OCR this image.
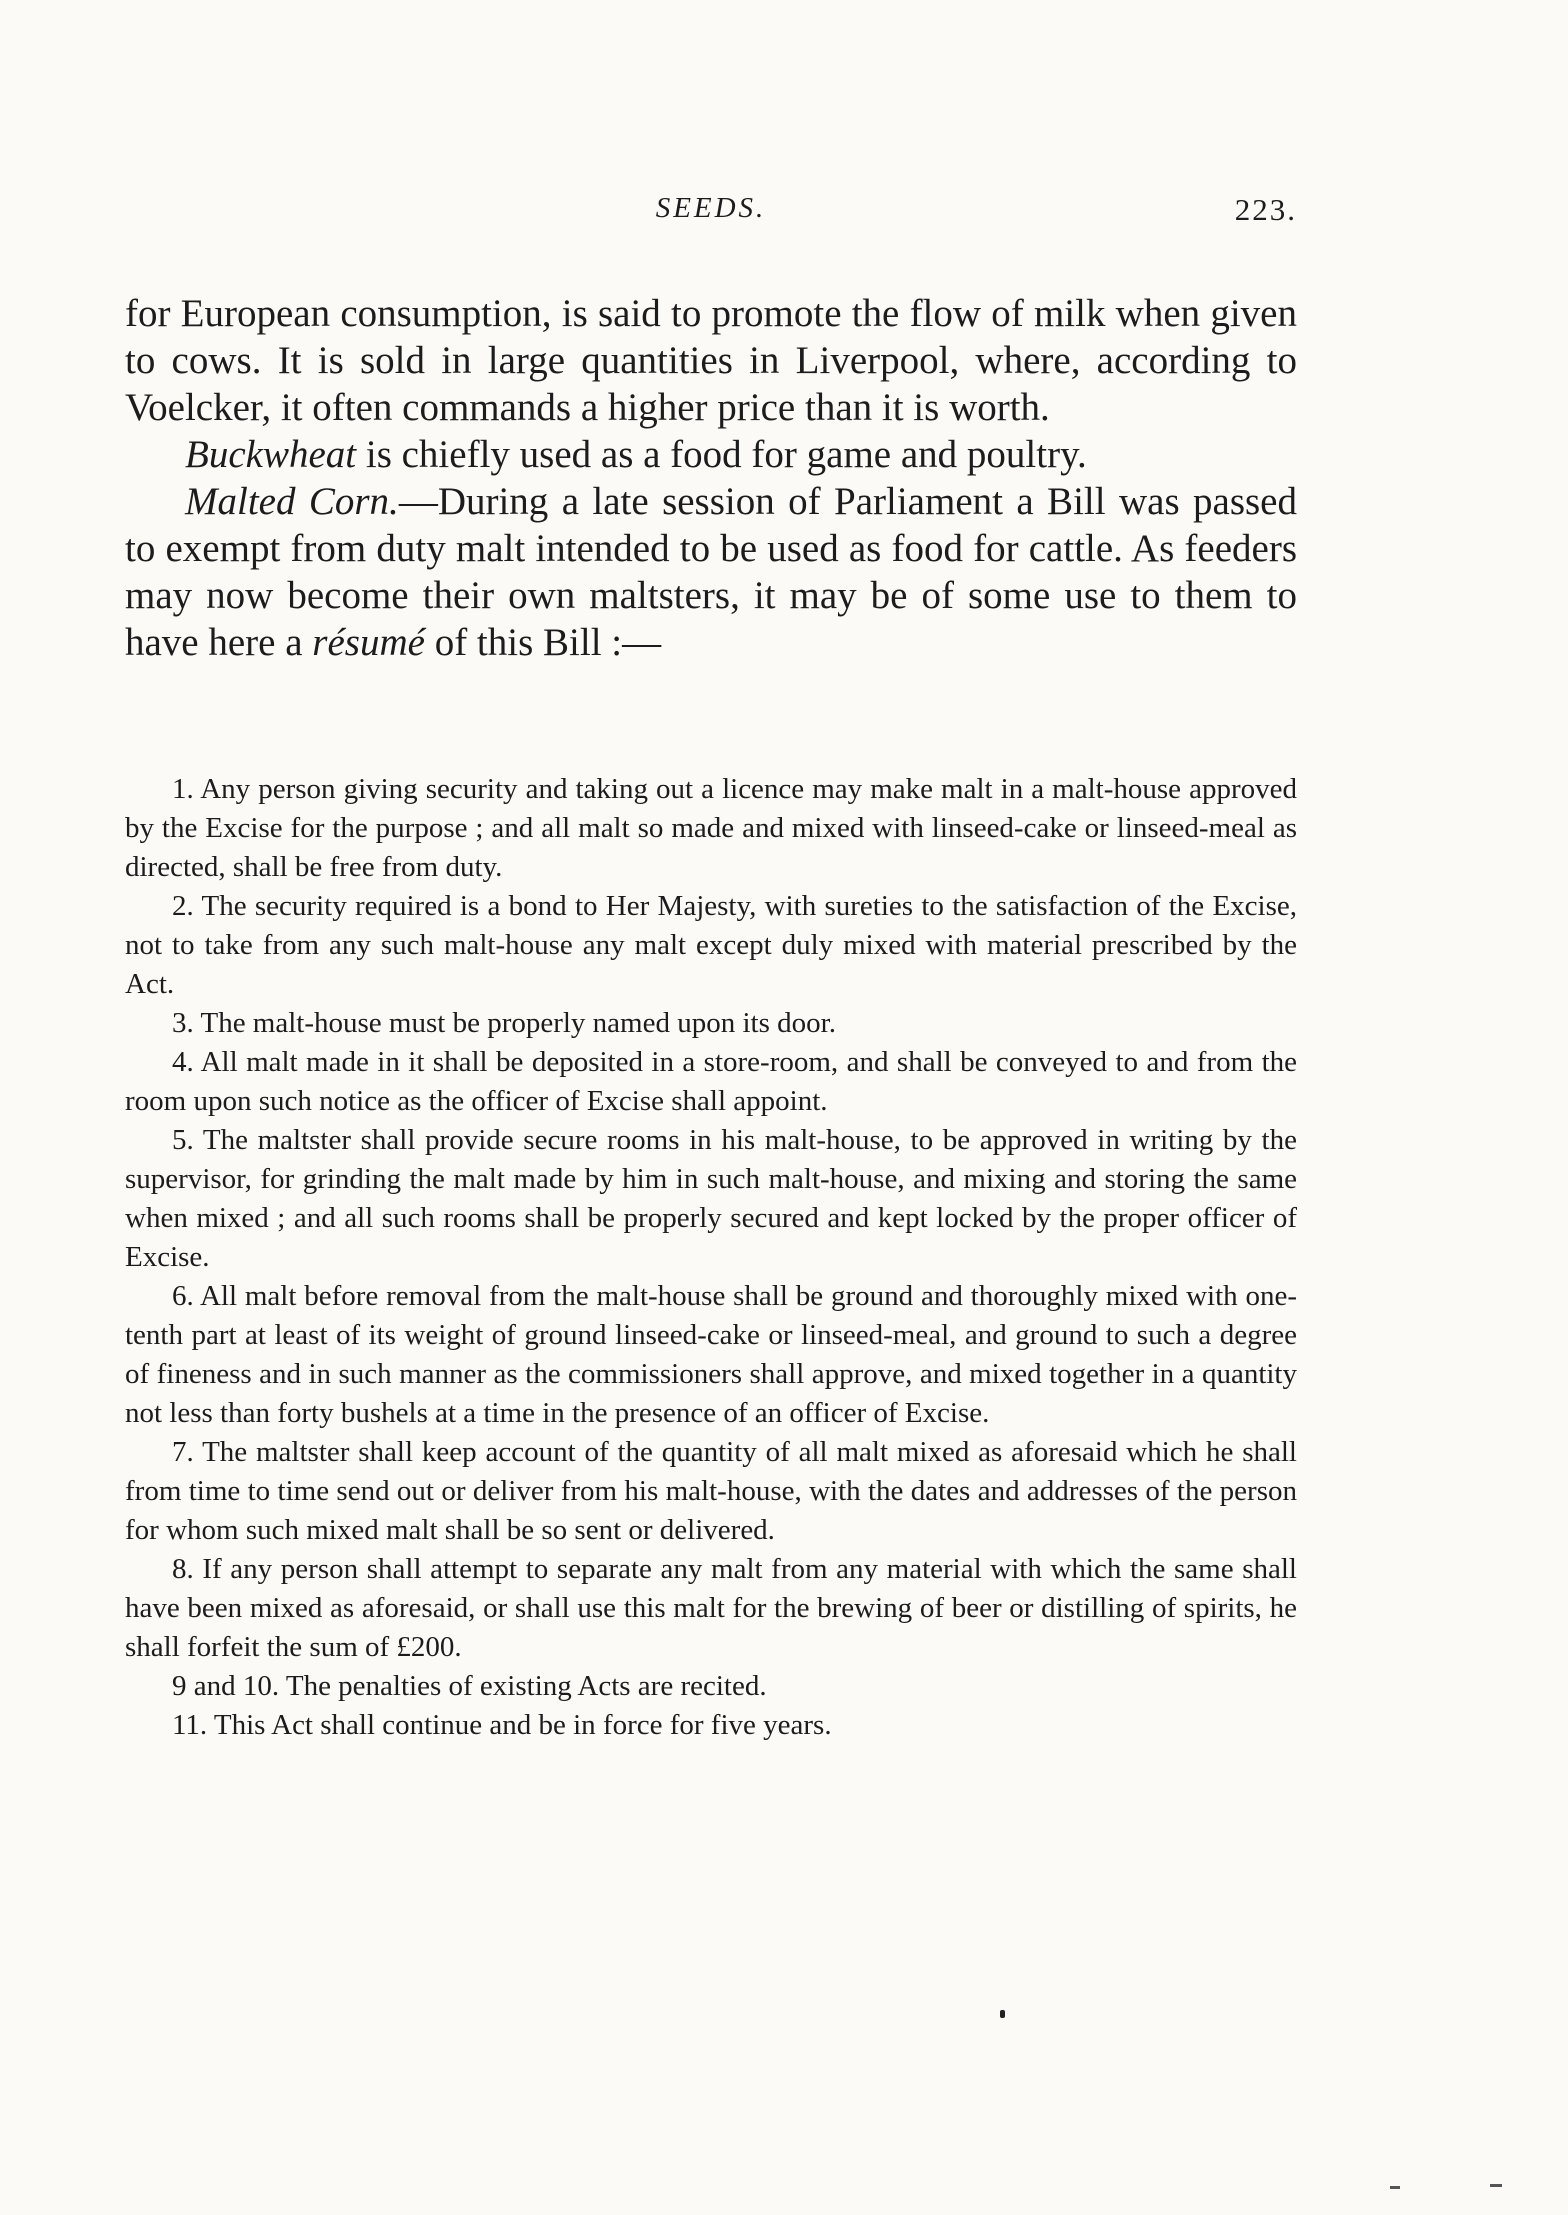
SEEDS.	223.

for European consumption, is said to promote the flow of milk when given to cows. It is sold in large quantities in Liverpool, where, according to Voelcker, it often commands a higher price than it is worth.

Buckwheat is chiefly used as a food for game and poultry.

Malted Corn.—During a late session of Parliament a Bill was passed to exempt from duty malt intended to be used as food for cattle. As feeders may now become their own maltsters, it may be of some use to them to have here a résumé of this Bill :—

1. Any person giving security and taking out a licence may make malt in a malt-house approved by the Excise for the purpose ; and all malt so made and mixed with linseed-cake or linseed-meal as directed, shall be free from duty.

2. The security required is a bond to Her Majesty, with sureties to the satisfaction of the Excise, not to take from any such malt-house any malt except duly mixed with material prescribed by the Act.

3. The malt-house must be properly named upon its door.

4. All malt made in it shall be deposited in a store-room, and shall be conveyed to and from the room upon such notice as the officer of Excise shall appoint.

5. The maltster shall provide secure rooms in his malt-house, to be approved in writing by the supervisor, for grinding the malt made by him in such malt-house, and mixing and storing the same when mixed ; and all such rooms shall be properly secured and kept locked by the proper officer of Excise.

6. All malt before removal from the malt-house shall be ground and thoroughly mixed with one-tenth part at least of its weight of ground linseed-cake or linseed-meal, and ground to such a degree of fineness and in such manner as the commissioners shall approve, and mixed together in a quantity not less than forty bushels at a time in the presence of an officer of Excise.

7. The maltster shall keep account of the quantity of all malt mixed as aforesaid which he shall from time to time send out or deliver from his malt-house, with the dates and addresses of the person for whom such mixed malt shall be so sent or delivered.

8. If any person shall attempt to separate any malt from any material with which the same shall have been mixed as aforesaid, or shall use this malt for the brewing of beer or distilling of spirits, he shall forfeit the sum of £200.

9 and 10. The penalties of existing Acts are recited.

11. This Act shall continue and be in force for five years.
